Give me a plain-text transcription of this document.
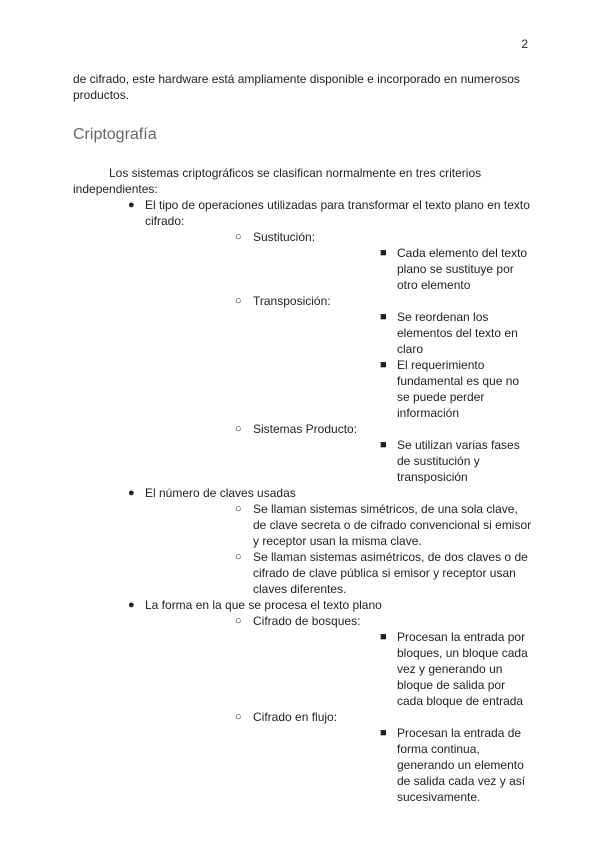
2

de cifrado, este hardware está ampliamente disponible e incorporado en numerosos productos.

Criptografía

Los sistemas criptográficos se clasifican normalmente en tres criterios independientes:

● El tipo de operaciones utilizadas para transformar el texto plano en texto cifrado:
○ Sustitución:
■ Cada elemento del texto plano se sustituye por otro elemento
○ Transposición:
■ Se reordenan los elementos del texto en claro
■ El requerimiento fundamental es que no se puede perder información
○ Sistemas Producto:
■ Se utilizan varias fases de sustitución y transposición
● El número de claves usadas
○ Se llaman sistemas simétricos, de una sola clave, de clave secreta o de cifrado convencional si emisor y receptor usan la misma clave.
○ Se llaman sistemas asimétricos, de dos claves o de cifrado de clave pública si emisor y receptor usan claves diferentes.
● La forma en la que se procesa el texto plano
○ Cifrado de bosques:
■ Procesan la entrada por bloques, un bloque cada vez y generando un bloque de salida por cada bloque de entrada
○ Cifrado en flujo:
■ Procesan la entrada de forma continua, generando un elemento de salida cada vez y así sucesivamente.
